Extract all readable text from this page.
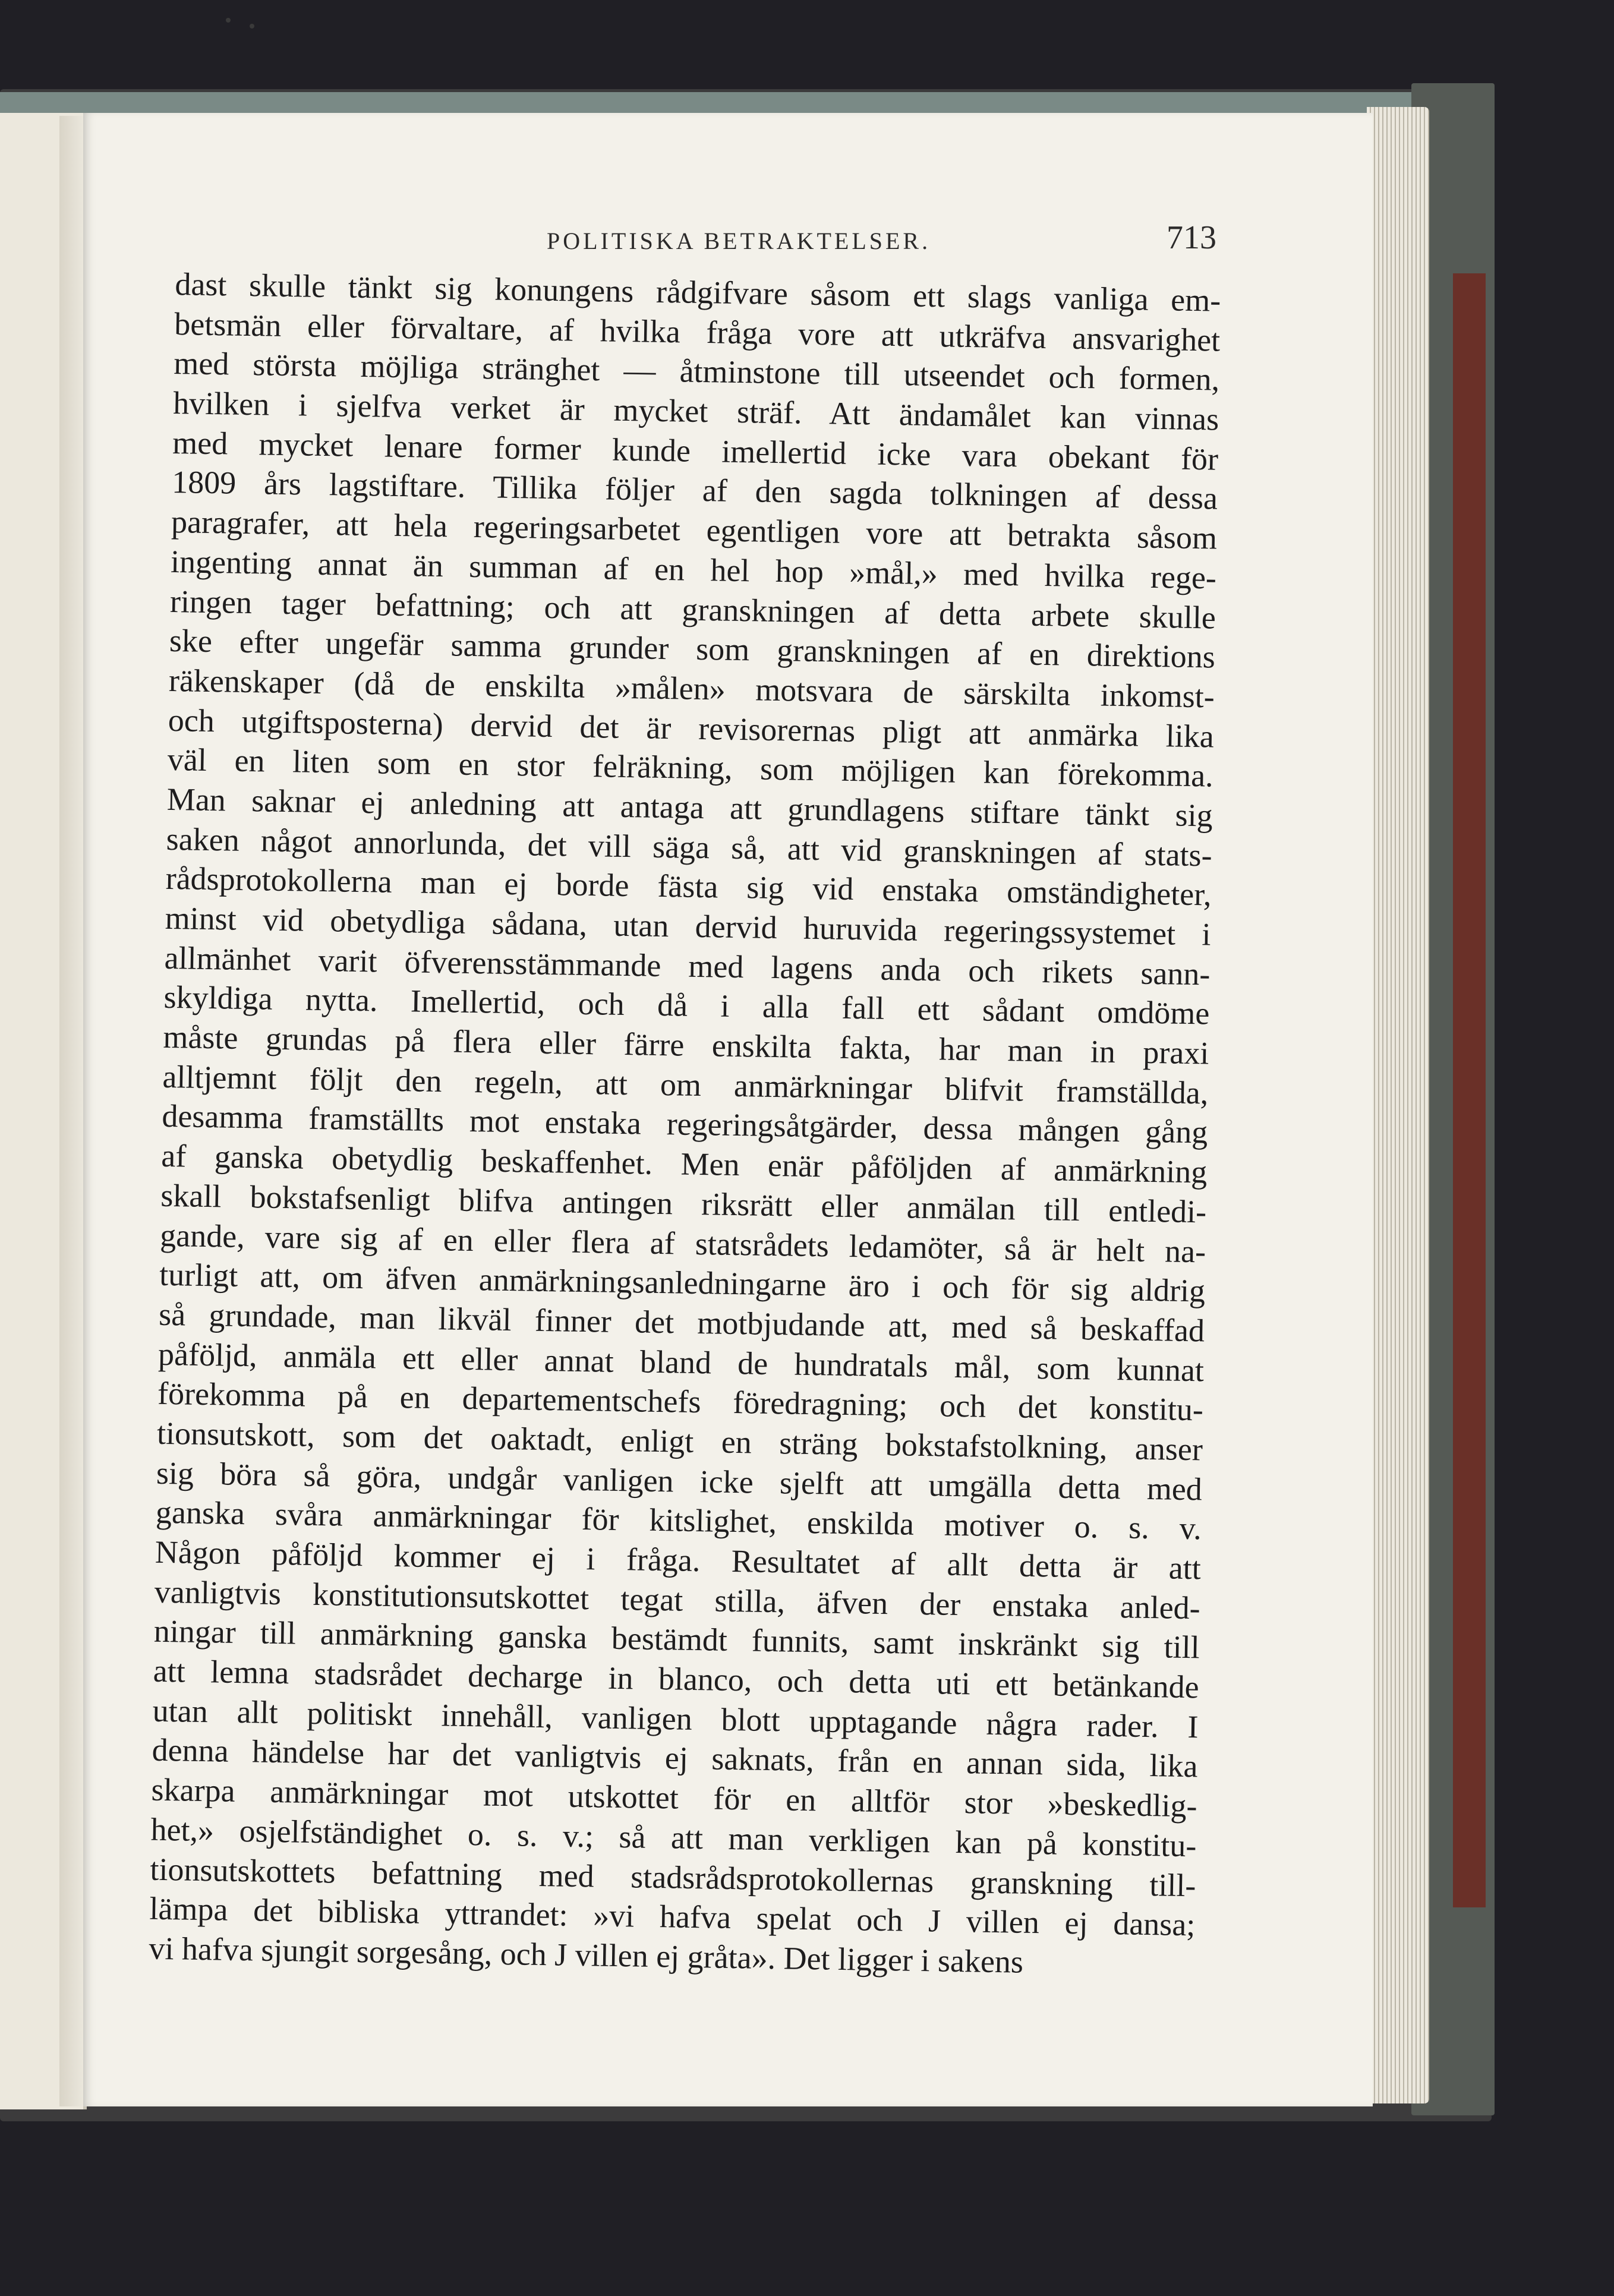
POLITISKA BETRAKTELSER.	713
dast skulle tänkt sig konungens rådgifvare såsom ett slags vanliga em-
betsmän eller förvaltare, af hvilka fråga vore att utkräfva ansvarighet
med största möjliga stränghet — åtminstone till utseendet och formen,
hvilken i sjelfva verket är mycket sträf. Att ändamålet kan vinnas
med mycket lenare former kunde imellertid icke vara obekant för
1809 års lagstiftare. Tillika följer af den sagda tolkningen af dessa
paragrafer, att hela regeringsarbetet egentligen vore att betrakta såsom
ingenting annat än summan af en hel hop »mål,» med hvilka rege-
ringen tager befattning; och att granskningen af detta arbete skulle
ske efter ungefär samma grunder som granskningen af en direktions
räkenskaper (då de enskilta »målen» motsvara de särskilta inkomst-
och utgiftsposterna) dervid det är revisorernas pligt att anmärka lika
väl en liten som en stor felräkning, som möjligen kan förekomma.
Man saknar ej anledning att antaga att grundlagens stiftare tänkt sig
saken något annorlunda, det vill säga så, att vid granskningen af stats-
rådsprotokollerna man ej borde fästa sig vid enstaka omständigheter,
minst vid obetydliga sådana, utan dervid huruvida regeringssystemet i
allmänhet varit öfverensstämmande med lagens anda och rikets sann-
skyldiga nytta. Imellertid, och då i alla fall ett sådant omdöme
måste grundas på flera eller färre enskilta fakta, har man in praxi
alltjemnt följt den regeln, att om anmärkningar blifvit framställda,
desamma framställts mot enstaka regeringsåtgärder, dessa mången gång
af ganska obetydlig beskaffenhet. Men enär påföljden af anmärkning
skall bokstafsenligt blifva antingen riksrätt eller anmälan till entledi-
gande, vare sig af en eller flera af statsrådets ledamöter, så är helt na-
turligt att, om äfven anmärkningsanledningarne äro i och för sig aldrig
så grundade, man likväl finner det motbjudande att, med så beskaffad
påföljd, anmäla ett eller annat bland de hundratals mål, som kunnat
förekomma på en departementschefs föredragning; och det konstitu-
tionsutskott, som det oaktadt, enligt en sträng bokstafstolkning, anser
sig böra så göra, undgår vanligen icke sjelft att umgälla detta med
ganska svåra anmärkningar för kitslighet, enskilda motiver o. s. v.
Någon påföljd kommer ej i fråga. Resultatet af allt detta är att
vanligtvis konstitutionsutskottet tegat stilla, äfven der enstaka anled-
ningar till anmärkning ganska bestämdt funnits, samt inskränkt sig till
att lemna stadsrådet decharge in blanco, och detta uti ett betänkande
utan allt politiskt innehåll, vanligen blott upptagande några rader. I
denna händelse har det vanligtvis ej saknats, från en annan sida, lika
skarpa anmärkningar mot utskottet för en alltför stor »beskedlig-
het,» osjelfständighet o. s. v.; så att man verkligen kan på konstitu-
tionsutskottets befattning med stadsrådsprotokollernas granskning till-
lämpa det bibliska yttrandet: »vi hafva spelat och J villen ej dansa;
vi hafva sjungit sorgesång, och J villen ej gråta». Det ligger i sakens
